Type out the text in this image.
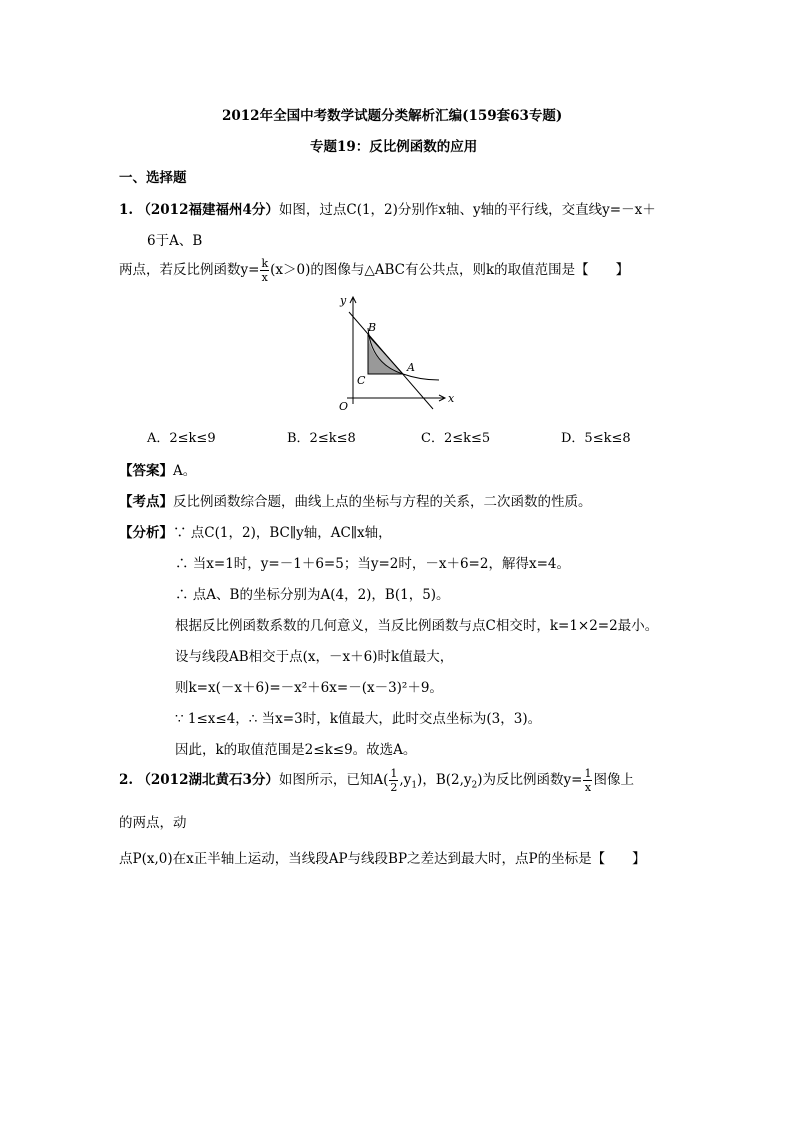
2012年全国中考数学试题分类解析汇编(159套63专题)
专题19：反比例函数的应用
一、选择题
1. （2012福建福州4分）如图，过点C(1，2)分别作x轴、y轴的平行线，交直线y=－x＋
6于A、B
两点，若反比例函数$y= \frac{k}{x} (x>0)$的图像与△ABC有公共点，则k的取值范围是【　　】
y
x
O
B
A
C
A．2≤k≤9	B．2≤k≤8	C．2≤k≤5	D．5≤k≤8
【答案】A。
【考点】反比例函数综合题，曲线上点的坐标与方程的关系，二次函数的性质。
【分析】∵ 点C(1，2)，BC∥y轴，AC∥x轴，
∴ 当x=1时，y=－1＋6=5；当y=2时，－x＋6=2，解得x=4。
∴ 点A、B的坐标分别为A(4，2)，B(1，5)。
根据反比例函数系数的几何意义，当反比例函数与点C相交时，k=1×2=2最小。
设与线段AB相交于点(x，－x＋6)时k值最大，
则k=x(－x＋6)=－x²＋6x=－(x－3)²＋9。
∵ 1≤x≤4，∴ 当x=3时，k值最大，此时交点坐标为(3，3)。
因此，k的取值范围是2≤k≤9。故选A。
2. （2012湖北黄石3分）如图所示，已知$A( \frac{1}{2} ,y_1)$，$B(2,y_2)$为反比例函数$y= \frac{1}{x}$ 图像上
的两点，动
点P(x,0)在x正半轴上运动，当线段AP与线段BP之差达到最大时，点P的坐标是【　　】
